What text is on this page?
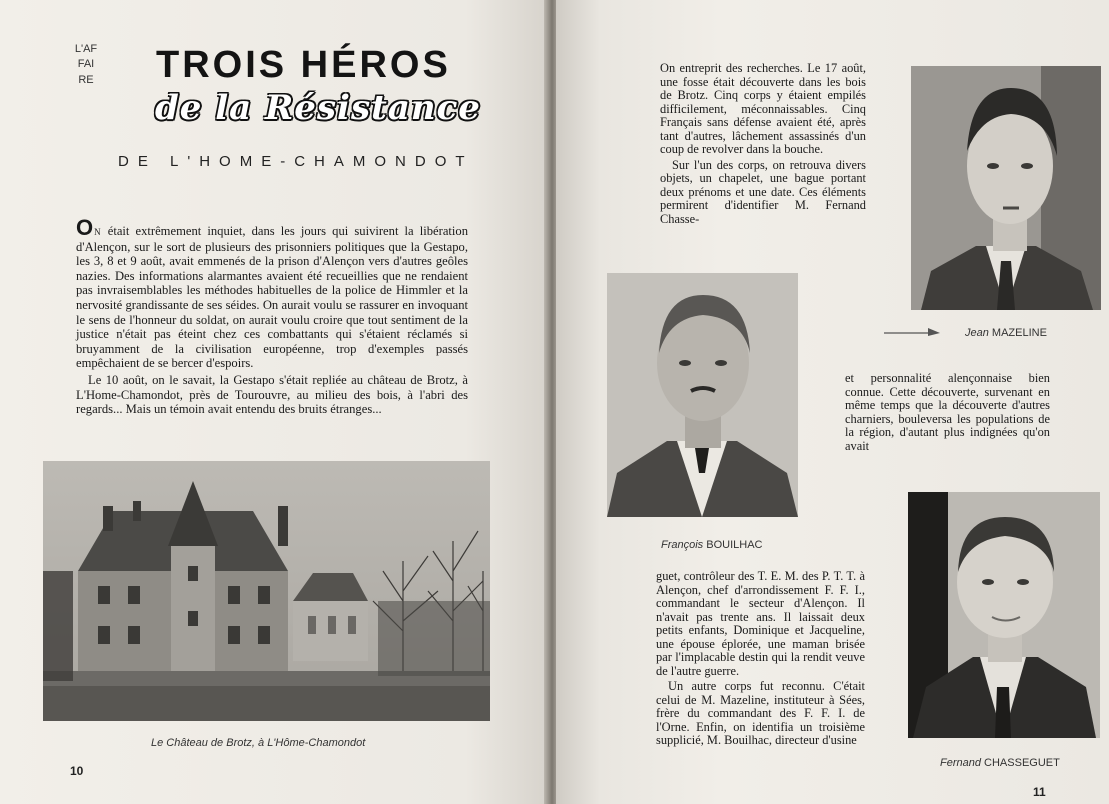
L'AFFAIRE TROIS HÉROS
de la Résistance
DE L'HOME-CHAMONDOT

ON était extrêmement inquiet, dans les jours qui suivirent la libération d'Alençon, sur le sort de plusieurs des prisonniers politiques que la Gestapo, les 3, 8 et 9 août, avait emmenés de la prison d'Alençon vers d'autres geôles nazies. Des informations alarmantes avaient été recueillies que ne rendaient pas invraisemblables les méthodes habituelles de la police de Himmler et la nervosité grandissante de ses séides. On aurait voulu se rassurer en invoquant le sens de l'honneur du soldat, on aurait voulu croire que tout sentiment de la justice n'était pas éteint chez ces combattants qui s'étaient réclamés si bruyamment de la civilisation européenne, trop d'exemples passés empêchaient de se bercer d'espoirs.

Le 10 août, on le savait, la Gestapo s'était repliée au château de Brotz, à L'Home-Chamondot, près de Tourouvre, au milieu des bois, à l'abri des regards... Mais un témoin avait entendu des bruits étranges...

Le Château de Brotz, à L'Hôme-Chamondot
10

On entreprit des recherches. Le 17 août, une fosse était découverte dans les bois de Brotz. Cinq corps y étaient empilés difficilement, méconnaissables. Cinq Français sans défense avaient été, après tant d'autres, lâchement assassinés d'un coup de revolver dans la bouche.

Sur l'un des corps, on retrouva divers objets, un chapelet, une bague portant deux prénoms et une date. Ces éléments permirent d'identifier M. Fernand Chasse-

Jean MAZELINE
François BOUILHAC

et personnalité alençonnaise bien connue. Cette découverte, survenant en même temps que la découverte d'autres charniers, bouleversa les populations de la région, d'autant plus indignées qu'on avait

Fernand CHASSEGUET

guet, contrôleur des T. E. M. des P. T. T. à Alençon, chef d'arrondissement F. F. I., commandant le secteur d'Alençon. Il n'avait pas trente ans. Il laissait deux petits enfants, Dominique et Jacqueline, une épouse éplorée, une maman brisée par l'implacable destin qui la rendit veuve de l'autre guerre.

Un autre corps fut reconnu. C'était celui de M. Mazeline, instituteur à Sées, frère du commandant des F. F. I. de l'Orne. Enfin, on identifia un troisième supplicié, M. Bouilhac, directeur d'usine

11
